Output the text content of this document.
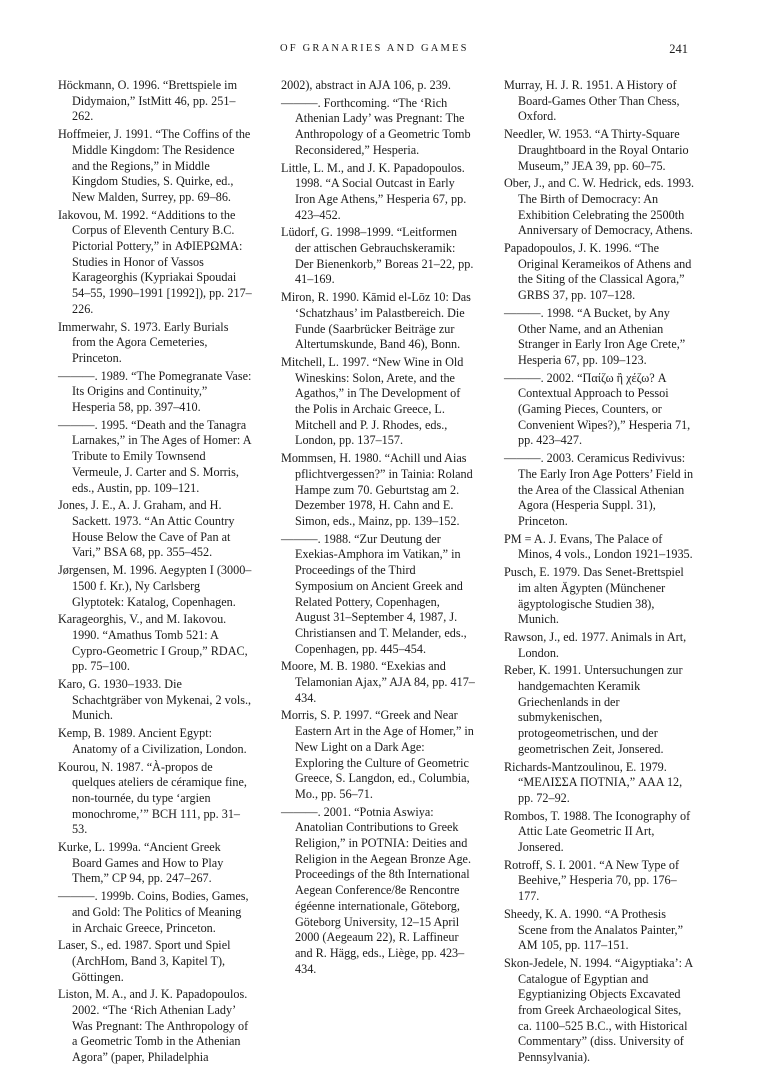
OF GRANARIES AND GAMES	241

Höckmann, O. 1996. “Brettspiele im Didymaion,” IstMitt 46, pp. 251–262.

Hoffmeier, J. 1991. “The Coffins of the Middle Kingdom: The Residence and the Regions,” in Middle Kingdom Studies, S. Quirke, ed., New Malden, Surrey, pp. 69–86.

Iakovou, M. 1992. “Additions to the Corpus of Eleventh Century B.C. Pictorial Pottery,” in ΑΦΙΕΡΩΜΑ: Studies in Honor of Vassos Karageorghis (Kypriakai Spoudai 54–55, 1990–1991 [1992]), pp. 217–226.

Immerwahr, S. 1973. Early Burials from the Agora Cemeteries, Princeton.

———. 1989. “The Pomegranate Vase: Its Origins and Continuity,” Hesperia 58, pp. 397–410.

———. 1995. “Death and the Tanagra Larnakes,” in The Ages of Homer: A Tribute to Emily Townsend Vermeule, J. Carter and S. Morris, eds., Austin, pp. 109–121.

Jones, J. E., A. J. Graham, and H. Sackett. 1973. “An Attic Country House Below the Cave of Pan at Vari,” BSA 68, pp. 355–452.

Jørgensen, M. 1996. Aegypten I (3000–1500 f. Kr.), Ny Carlsberg Glyptotek: Katalog, Copenhagen.

Karageorghis, V., and M. Iakovou. 1990. “Amathus Tomb 521: A Cypro-Geometric I Group,” RDAC, pp. 75–100.

Karo, G. 1930–1933. Die Schachtgräber von Mykenai, 2 vols., Munich.

Kemp, B. 1989. Ancient Egypt: Anatomy of a Civilization, London.

Kourou, N. 1987. “À-propos de quelques ateliers de céramique fine, non-tournée, du type ‘argien monochrome,’” BCH 111, pp. 31–53.

Kurke, L. 1999a. “Ancient Greek Board Games and How to Play Them,” CP 94, pp. 247–267.

———. 1999b. Coins, Bodies, Games, and Gold: The Politics of Meaning in Archaic Greece, Princeton.

Laser, S., ed. 1987. Sport und Spiel (ArchHom, Band 3, Kapitel T), Göttingen.

Liston, M. A., and J. K. Papadopoulos. 2002. “The ‘Rich Athenian Lady’ Was Pregnant: The Anthropology of a Geometric Tomb in the Athenian Agora” (paper, Philadelphia

2002), abstract in AJA 106, p. 239.

———. Forthcoming. “The ‘Rich Athenian Lady’ was Pregnant: The Anthropology of a Geometric Tomb Reconsidered,” Hesperia.

Little, L. M., and J. K. Papadopoulos. 1998. “A Social Outcast in Early Iron Age Athens,” Hesperia 67, pp. 423–452.

Lüdorf, G. 1998–1999. “Leitformen der attischen Gebrauchskeramik: Der Bienenkorb,” Boreas 21–22, pp. 41–169.

Miron, R. 1990. Kāmid el-Lōz 10: Das ‘Schatzhaus’ im Palastbereich. Die Funde (Saarbrücker Beiträge zur Altertumskunde, Band 46), Bonn.

Mitchell, L. 1997. “New Wine in Old Wineskins: Solon, Arete, and the Agathos,” in The Development of the Polis in Archaic Greece, L. Mitchell and P. J. Rhodes, eds., London, pp. 137–157.

Mommsen, H. 1980. “Achill und Aias pflichtvergessen?” in Tainia: Roland Hampe zum 70. Geburtstag am 2. Dezember 1978, H. Cahn and E. Simon, eds., Mainz, pp. 139–152.

———. 1988. “Zur Deutung der Exekias-Amphora im Vatikan,” in Proceedings of the Third Symposium on Ancient Greek and Related Pottery, Copenhagen, August 31–September 4, 1987, J. Christiansen and T. Melander, eds., Copenhagen, pp. 445–454.

Moore, M. B. 1980. “Exekias and Telamonian Ajax,” AJA 84, pp. 417–434.

Morris, S. P. 1997. “Greek and Near Eastern Art in the Age of Homer,” in New Light on a Dark Age: Exploring the Culture of Geometric Greece, S. Langdon, ed., Columbia, Mo., pp. 56–71.

———. 2001. “Potnia Aswiya: Anatolian Contributions to Greek Religion,” in POTNIA: Deities and Religion in the Aegean Bronze Age. Proceedings of the 8th International Aegean Conference/8e Rencontre égéenne internationale, Göteborg, Göteborg University, 12–15 April 2000 (Aegeaum 22), R. Laffineur and R. Hägg, eds., Liège, pp. 423–434.

Murray, H. J. R. 1951. A History of Board-Games Other Than Chess, Oxford.

Needler, W. 1953. “A Thirty-Square Draughtboard in the Royal Ontario Museum,” JEA 39, pp. 60–75.

Ober, J., and C. W. Hedrick, eds. 1993. The Birth of Democracy: An Exhibition Celebrating the 2500th Anniversary of Democracy, Athens.

Papadopoulos, J. K. 1996. “The Original Kerameikos of Athens and the Siting of the Classical Agora,” GRBS 37, pp. 107–128.

———. 1998. “A Bucket, by Any Other Name, and an Athenian Stranger in Early Iron Age Crete,” Hesperia 67, pp. 109–123.

———. 2002. “Παίζω ἢ χέζω? A Contextual Approach to Pessoi (Gaming Pieces, Counters, or Convenient Wipes?),” Hesperia 71, pp. 423–427.

———. 2003. Ceramicus Redivivus: The Early Iron Age Potters’ Field in the Area of the Classical Athenian Agora (Hesperia Suppl. 31), Princeton.

PM = A. J. Evans, The Palace of Minos, 4 vols., London 1921–1935.

Pusch, E. 1979. Das Senet-Brettspiel im alten Ägypten (Münchener ägyptologische Studien 38), Munich.

Rawson, J., ed. 1977. Animals in Art, London.

Reber, K. 1991. Untersuchungen zur handgemachten Keramik Griechenlands in der submykenischen, protogeometrischen, und der geometrischen Zeit, Jonsered.

Richards-Mantzoulinou, E. 1979. “ΜΕΛΙΣΣΑ ΠΟΤΝΙΑ,” AAA 12, pp. 72–92.

Rombos, T. 1988. The Iconography of Attic Late Geometric II Art, Jonsered.

Rotroff, S. I. 2001. “A New Type of Beehive,” Hesperia 70, pp. 176–177.

Sheedy, K. A. 1990. “A Prothesis Scene from the Analatos Painter,” AM 105, pp. 117–151.

Skon-Jedele, N. 1994. “Aigyptiaka’: A Catalogue of Egyptian and Egyptianizing Objects Excavated from Greek Archaeological Sites, ca. 1100–525 B.C., with Historical Commentary” (diss. University of Pennsylvania).
